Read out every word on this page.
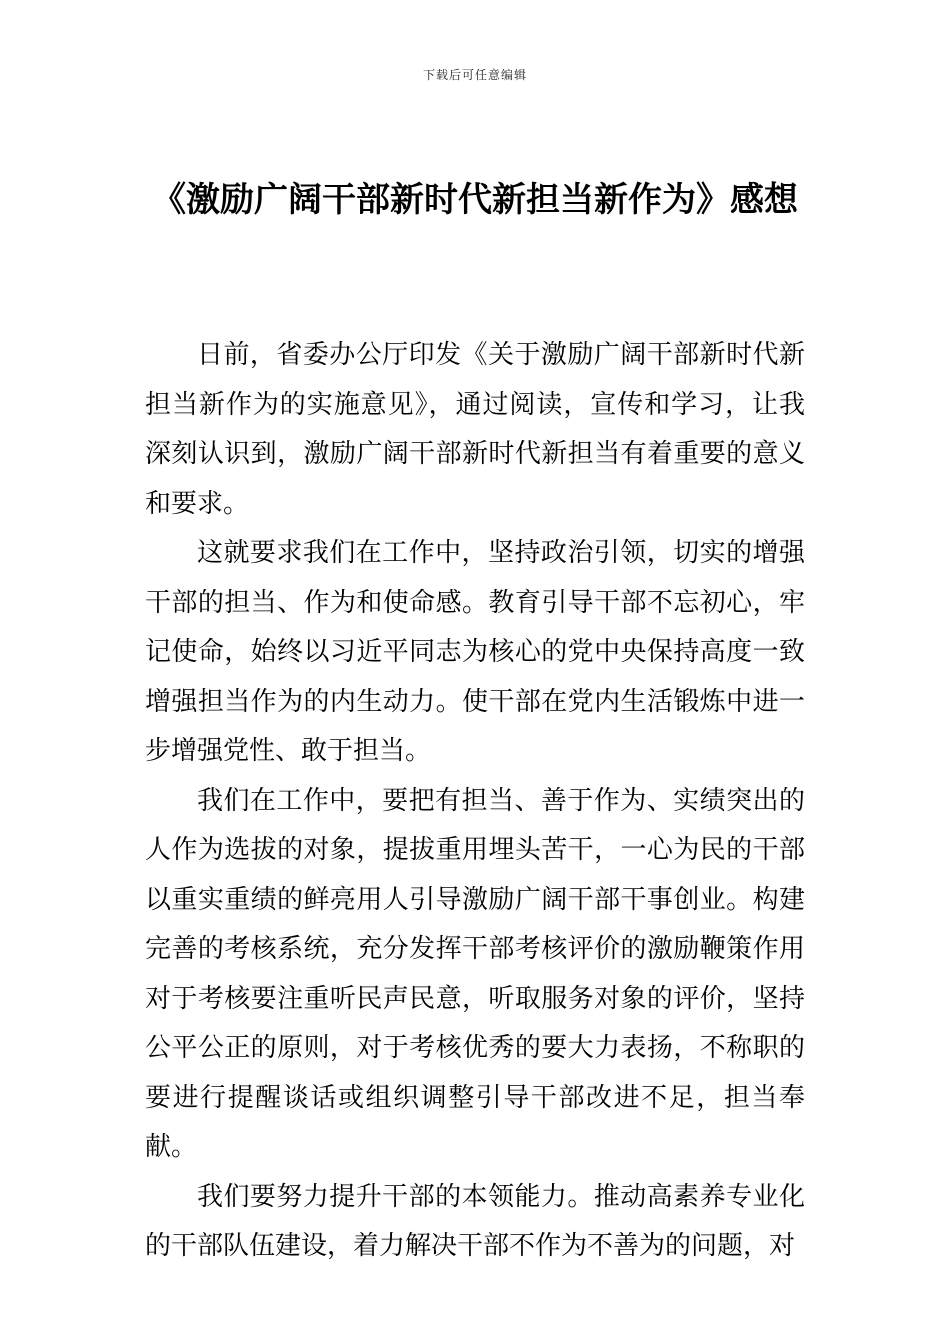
下载后可任意编辑
《激励广阔干部新时代新担当新作为》感想

日前，省委办公厅印发《关于激励广阔干部新时代新担当新作为的实施意见》，通过阅读，宣传和学习，让我深刻认识到，激励广阔干部新时代新担当有着重要的意义和要求。

这就要求我们在工作中，坚持政治引领，切实的增强干部的担当、作为和使命感。教育引导干部不忘初心，牢记使命，始终以习近平同志为核心的党中央保持高度一致增强担当作为的内生动力。使干部在党内生活锻炼中进一步增强党性、敢于担当。

我们在工作中，要把有担当、善于作为、实绩突出的人作为选拔的对象，提拔重用埋头苦干，一心为民的干部以重实重绩的鲜亮用人引导激励广阔干部干事创业。构建完善的考核系统，充分发挥干部考核评价的激励鞭策作用对于考核要注重听民声民意，听取服务对象的评价，坚持公平公正的原则，对于考核优秀的要大力表扬，不称职的要进行提醒谈话或组织调整引导干部改进不足，担当奉献。

我们要努力提升干部的本领能力。推动高素养专业化的干部队伍建设，着力解决干部不作为不善为的问题，对
